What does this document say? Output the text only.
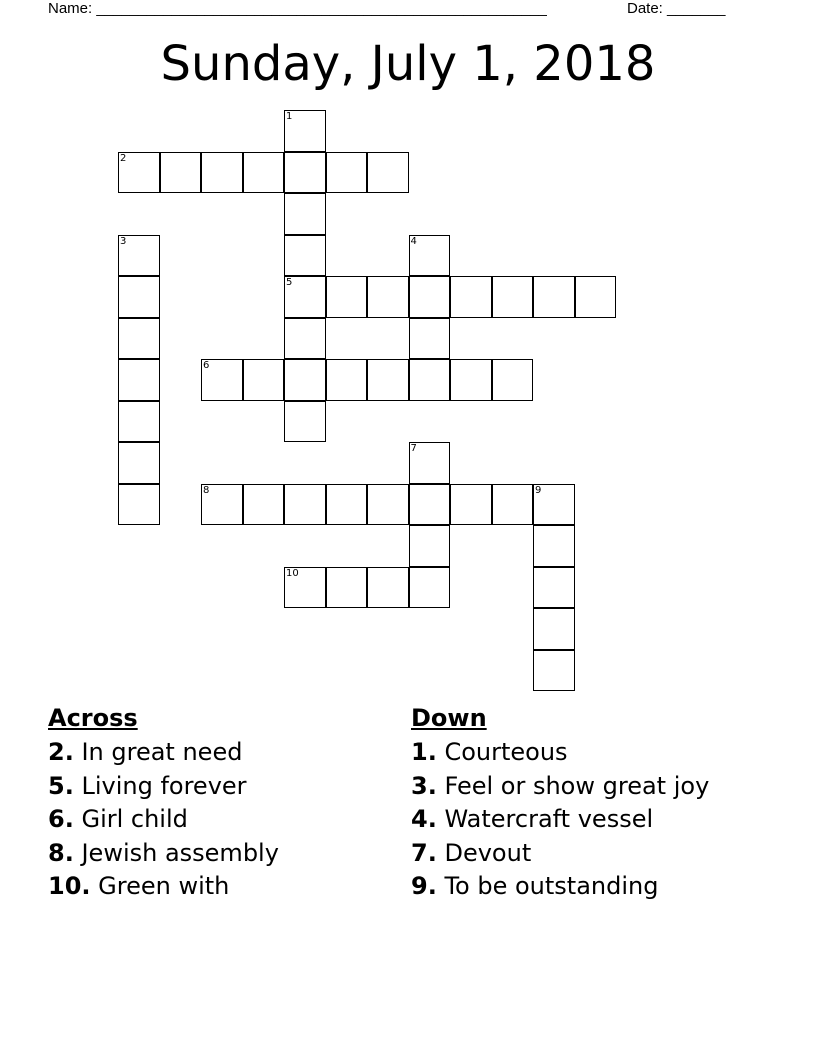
Name: ______________________________________________________	Date: _______
Sunday, July 1, 2018
2
5
6
8	9
10
1
3	4
7
Across
2. In great need
5. Living forever
6. Girl child
8. Jewish assembly
10. Green with
Down
1. Courteous
3. Feel or show great joy
4. Watercraft vessel
7. Devout
9. To be outstanding
